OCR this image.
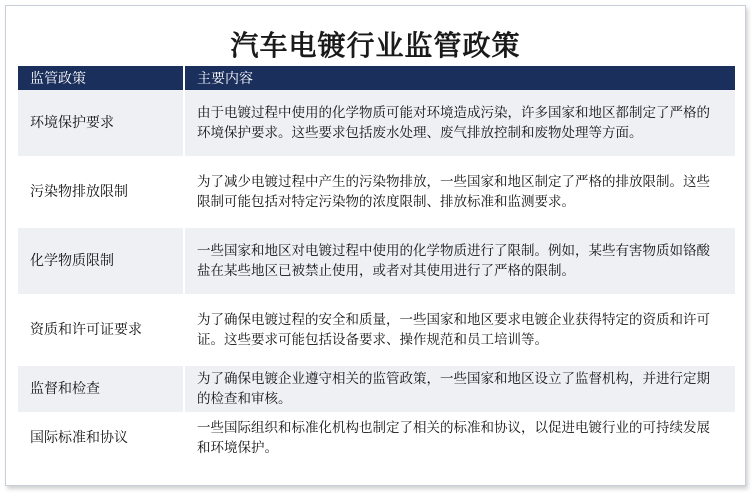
汽车电镀行业监管政策
监管政策	主要内容
环境保护要求	由于电镀过程中使用的化学物质可能对环境造成污染，许多国家和地区都制定了严格的环境保护要求。这些要求包括废水处理、废气排放控制和废物处理等方面。
污染物排放限制	为了减少电镀过程中产生的污染物排放，一些国家和地区制定了严格的排放限制。这些限制可能包括对特定污染物的浓度限制、排放标准和监测要求。
化学物质限制	一些国家和地区对电镀过程中使用的化学物质进行了限制。例如，某些有害物质如铬酸盐在某些地区已被禁止使用，或者对其使用进行了严格的限制。
资质和许可证要求	为了确保电镀过程的安全和质量，一些国家和地区要求电镀企业获得特定的资质和许可证。这些要求可能包括设备要求、操作规范和员工培训等。
监督和检查	为了确保电镀企业遵守相关的监管政策，一些国家和地区设立了监督机构，并进行定期的检查和审核。
国际标准和协议	一些国际组织和标准化机构也制定了相关的标准和协议，以促进电镀行业的可持续发展和环境保护。
